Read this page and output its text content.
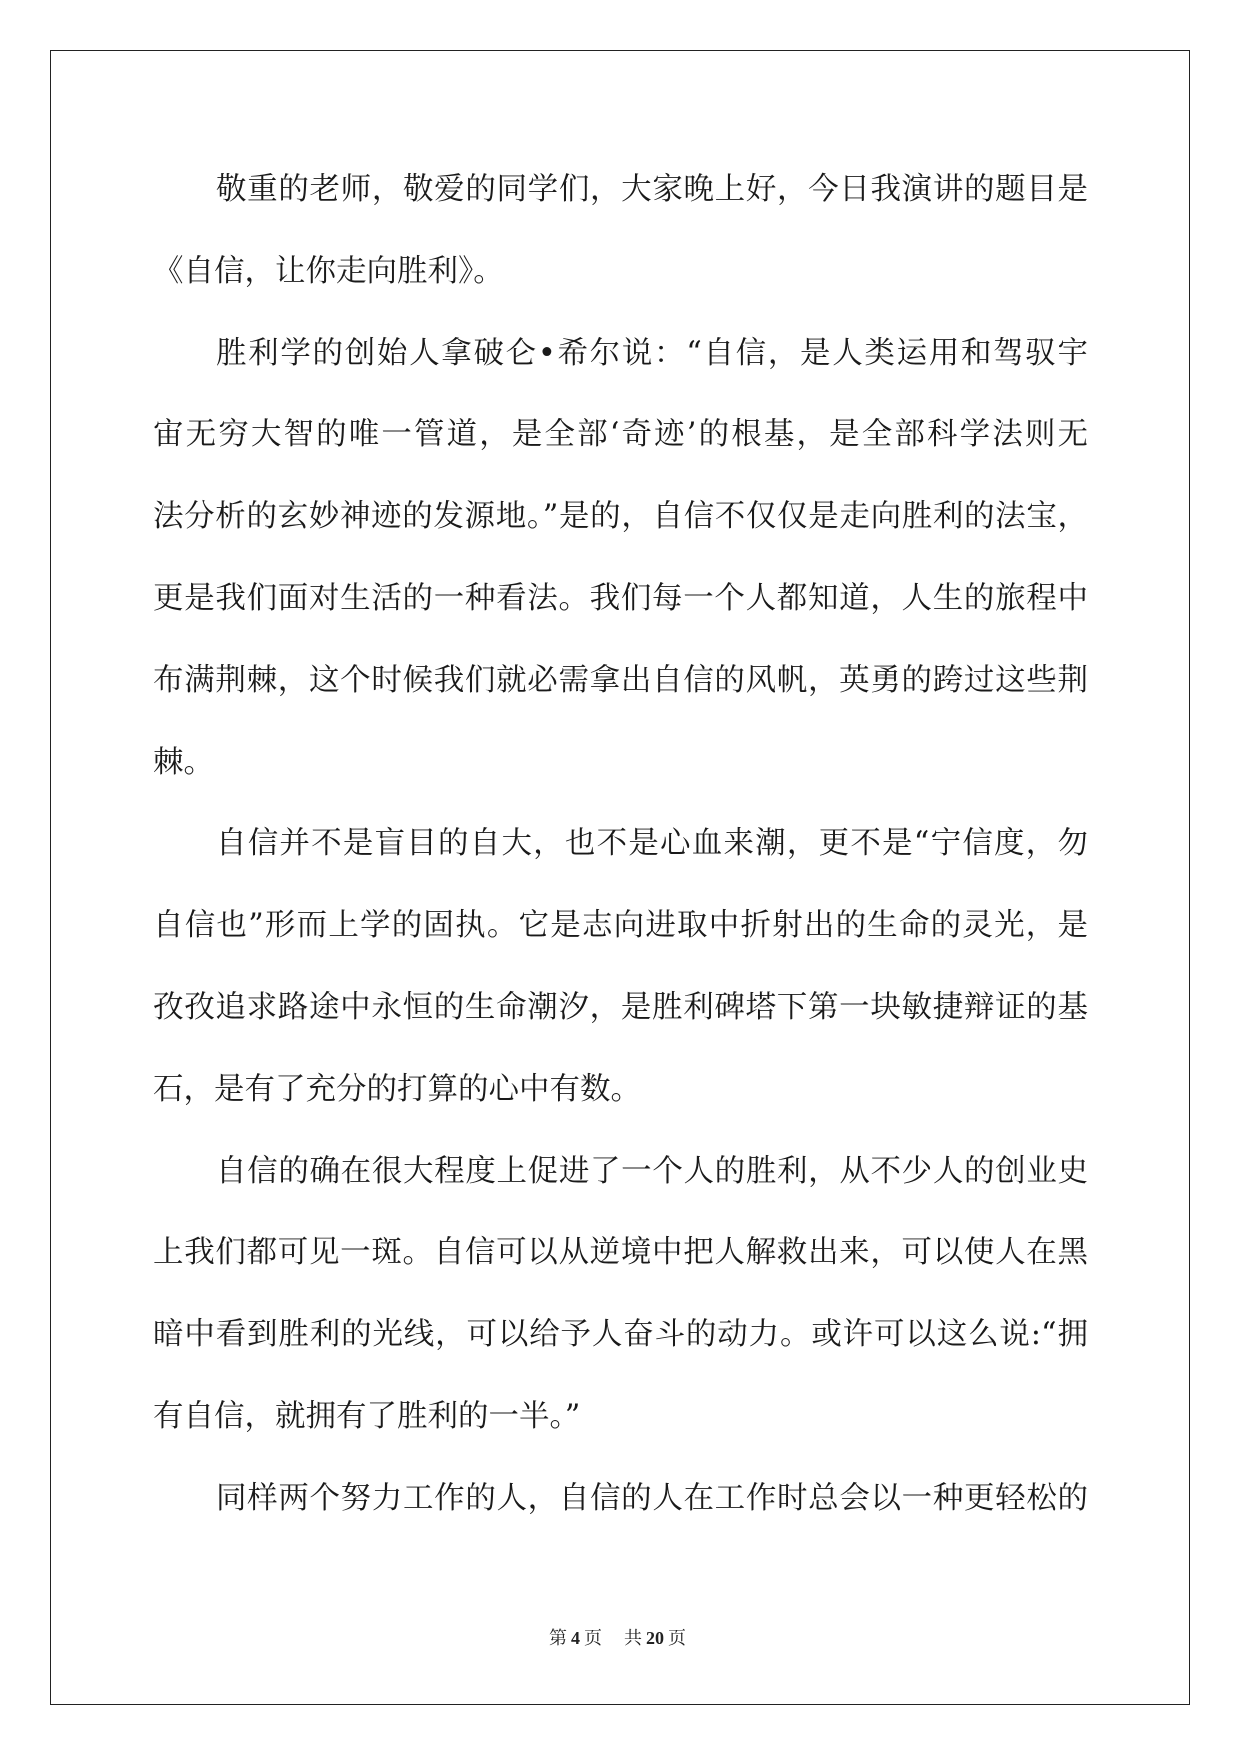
敬重的老师，敬爱的同学们，大家晚上好，今日我演讲的题目是
《自信，让你走向胜利》。
胜利学的创始人拿破仑•希尔说：“自信，是人类运用和驾驭宇
宙无穷大智的唯一管道，是全部‘奇迹’的根基，是全部科学法则无
法分析的玄妙神迹的发源地。”是的，自信不仅仅是走向胜利的法宝，
更是我们面对生活的一种看法。我们每一个人都知道，人生的旅程中
布满荆棘，这个时候我们就必需拿出自信的风帆，英勇的跨过这些荆
棘。
自信并不是盲目的自大，也不是心血来潮，更不是“宁信度，勿
自信也”形而上学的固执。它是志向进取中折射出的生命的灵光，是
孜孜追求路途中永恒的生命潮汐，是胜利碑塔下第一块敏捷辩证的基
石，是有了充分的打算的心中有数。
自信的确在很大程度上促进了一个人的胜利，从不少人的创业史
上我们都可见一斑。自信可以从逆境中把人解救出来，可以使人在黑
暗中看到胜利的光线，可以给予人奋斗的动力。或许可以这么说:“拥
有自信，就拥有了胜利的一半。”
同样两个努力工作的人，自信的人在工作时总会以一种更轻松的
第 4 页 共 20 页
